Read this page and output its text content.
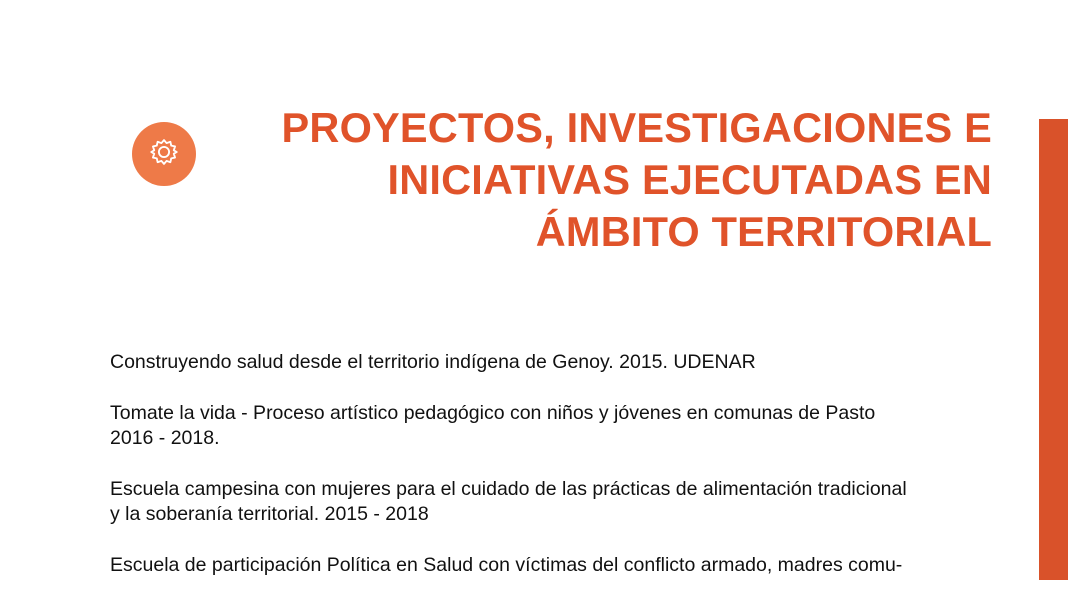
PROYECTOS, INVESTIGACIONES E
INICIATIVAS EJECUTADAS EN
ÁMBITO TERRITORIAL
Construyendo salud desde el territorio indígena de Genoy. 2015. UDENAR
Tomate la vida - Proceso artístico pedagógico con niños y jóvenes en comunas de Pasto
2016 - 2018.
Escuela campesina con mujeres para el cuidado de las prácticas de alimentación tradicional
y la soberanía territorial. 2015 - 2018
Escuela de participación Política en Salud con víctimas del conflicto armado, madres comu-
